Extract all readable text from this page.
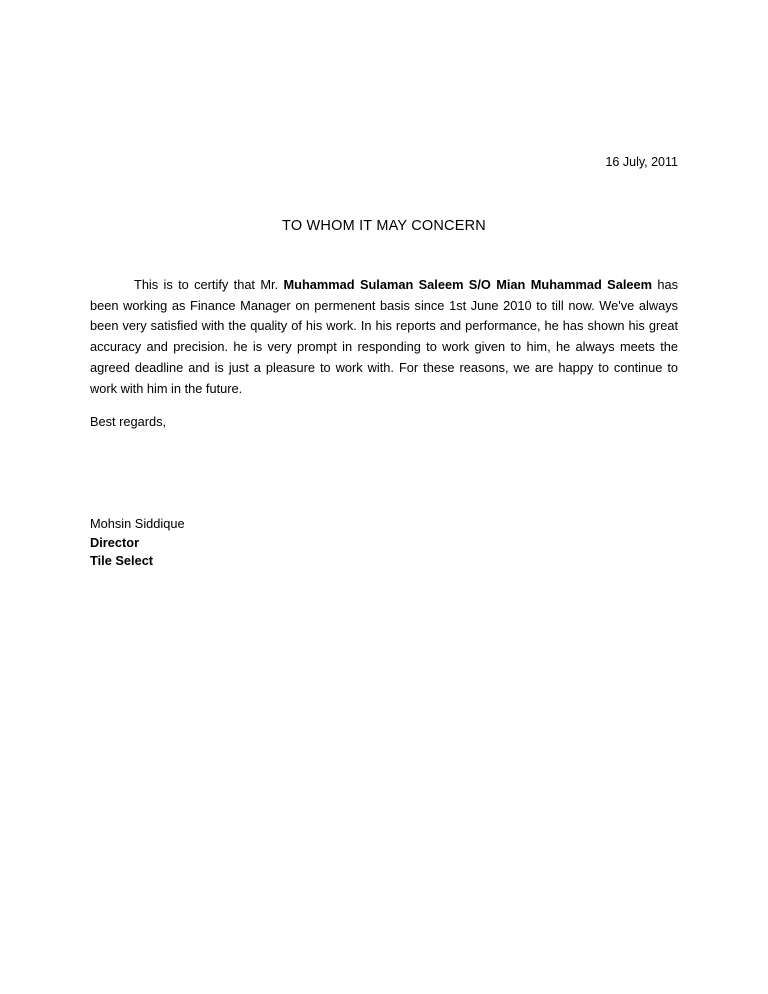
16 July, 2011
TO WHOM IT MAY CONCERN

This is to certify that Mr. Muhammad Sulaman Saleem S/O Mian Muhammad Saleem has been working as Finance Manager on permenent basis since 1st June 2010 to till now. We've always been very satisfied with the quality of his work. In his reports and performance, he has shown his great accuracy and precision. he is very prompt in responding to work given to him, he always meets the agreed deadline and is just a pleasure to work with. For these reasons, we are happy to continue to work with him in the future.

Best regards,
Mohsin Siddique
Director
Tile Select
